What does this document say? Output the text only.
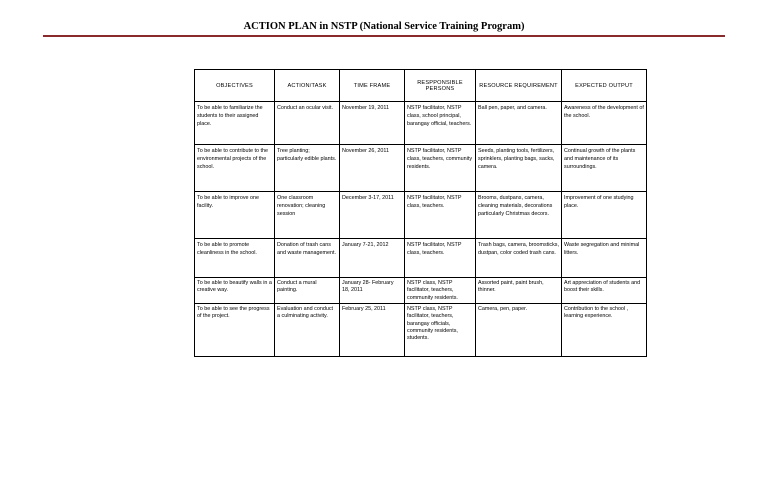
ACTION PLAN in NSTP (National Service Training Program)
OBJECTIVES	ACTION/TASK	TIME FRAME	RESPPONSIBLE PERSONS	RESOURCE REQUIREMENT	EXPECTED OUTPUT
To be able to familiarize the students to their assigned place.	Conduct an ocular visit.	November 19, 2011	NSTP facilitator, NSTP class, school principal, barangay official, teachers.	Ball pen, paper, and camera.	Awareness of the development of the school.
To be able to contribute to the environmental projects of the school.	Tree planting; particularly edible plants.	November 26, 2011	NSTP facilitator, NSTP class, teachers, community residents.	Seeds, planting tools, fertilizers, sprinklers, planting bags, sacks, camera.	Continual growth of the plants and maintenance of its surroundings.
To be able to improve one facility.	One classroom renovation; cleaning session	December 3-17, 2011	NSTP facilitator, NSTP class, teachers.	Brooms, dustpans, camera, cleaning materials, decorations particularly Christmas decors.	Improvement of one studying place.
To be able to promote cleanliness in the school.	Donation of trash cans and waste management.	January 7-21, 2012	NSTP facilitator, NSTP class, teachers.	Trash bags, camera, broomsticks, dustpan, color coded trash cans.	Waste segregation and minimal litters.
To be able to beautify walls in a creative way.	Conduct a mural painting.	January 28- February 18, 2011	NSTP class, NSTP facilitator, teachers, community residents.	Assorted paint, paint brush, thinner.	Art appreciation of students and boost their skills.
To be able to see the progress of the project.	Evaluation and conduct a culminating activity.	February 25, 2011	NSTP class, NSTP facilitator, teachers, barangay officials, community residents, students.	Camera, pen, paper.	Contribution to the school , learning experience.
